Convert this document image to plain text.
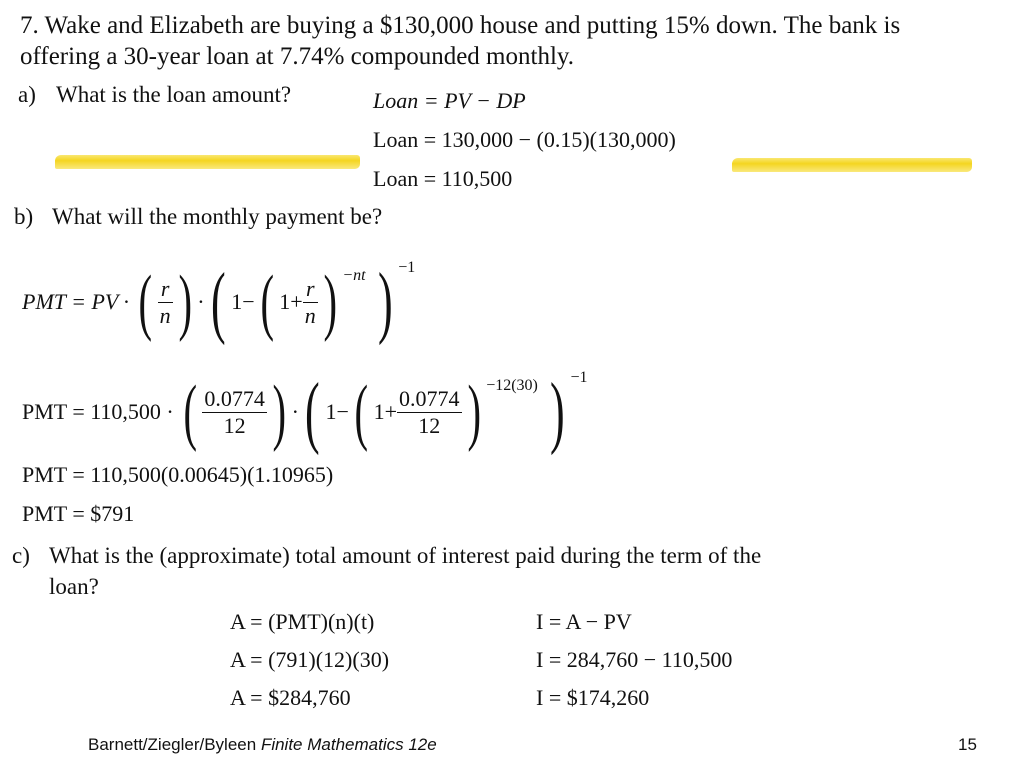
7. Wake and Elizabeth are buying a $130,000 house and putting 15% down. The bank is
offering a 30-year loan at 7.74% compounded monthly.
a) What is the loan amount?	Loan = PV − DP
Loan = 130,000 − (0.15)(130,000)
Loan = 110,500
b) What will the monthly payment be?
PMT = PV · ( $\frac{r}{n}$ ) · ( 1− ( $1+ \frac{r}{n}$ ) −nt ) −1
PMT = 110,500 · ( $\frac{0.0774}{12}$ ) · ( 1− ( $1+ \frac{0.0774}{12}$ ) −12(30) ) −1
PMT = 110,500(0.00645)(1.10965)
PMT = $791
c) What is the (approximate) total amount of interest paid during the term of the
loan?
A = (PMT)(n)(t)
A = (791)(12)(30)
A = $284,760
I = A − PV
I = 284,760 − 110,500
I = $174,260
Barnett/Ziegler/Byleen Finite Mathematics 12e	15
